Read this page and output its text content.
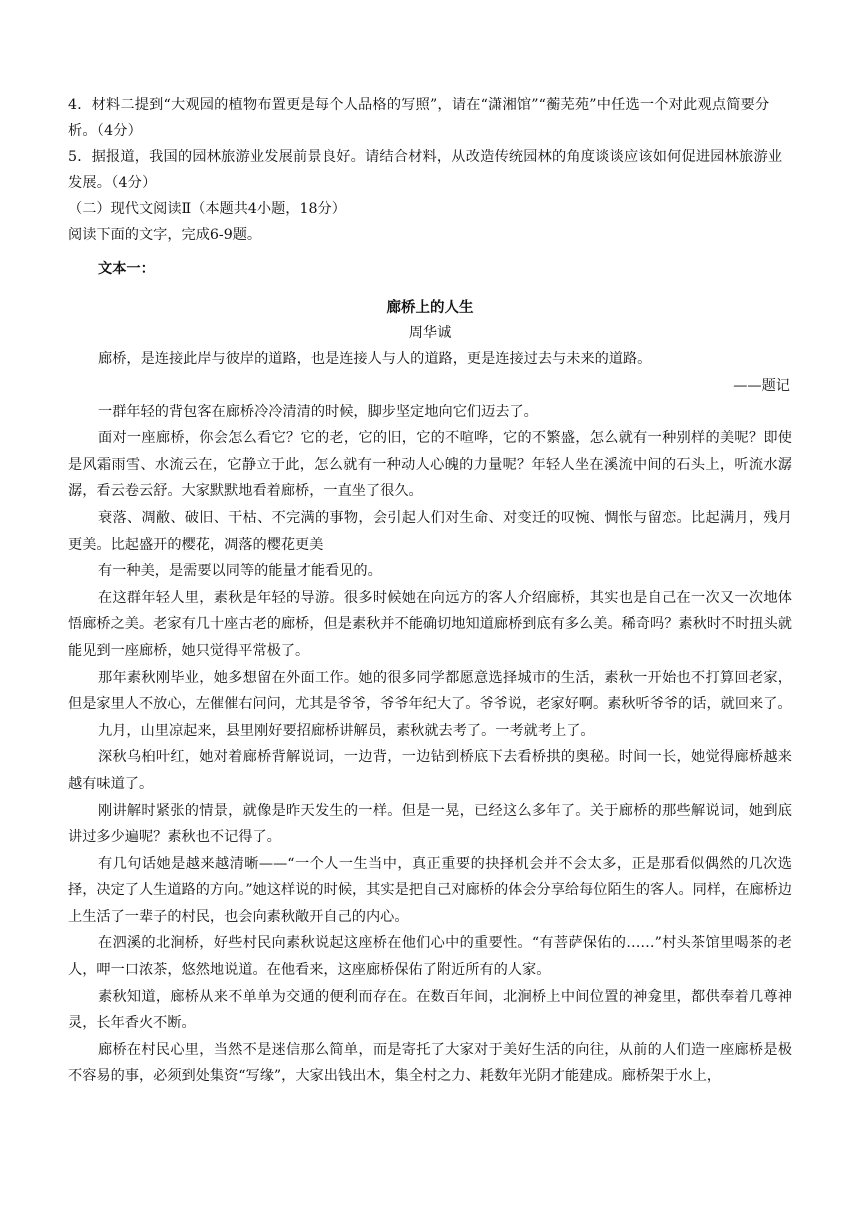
4．材料二提到“大观园的植物布置更是每个人品格的写照”，请在“潇湘馆”“蘅芜苑”中任选一个对此观点简要分析。（4分）

5．据报道，我国的园林旅游业发展前景良好。请结合材料，从改造传统园林的角度谈谈应该如何促进园林旅游业发展。（4分）

（二）现代文阅读Ⅱ（本题共4小题，18分）

阅读下面的文字，完成6-9题。

文本一：

廊桥上的人生

周华诚

廊桥，是连接此岸与彼岸的道路，也是连接人与人的道路，更是连接过去与未来的道路。

——题记

一群年轻的背包客在廊桥冷冷清清的时候，脚步坚定地向它们迈去了。

面对一座廊桥，你会怎么看它？它的老，它的旧，它的不喧哗，它的不繁盛，怎么就有一种别样的美呢？即使是风霜雨雪、水流云在，它静立于此，怎么就有一种动人心魄的力量呢？年轻人坐在溪流中间的石头上，听流水潺潺，看云卷云舒。大家默默地看着廊桥，一直坐了很久。

衰落、凋敝、破旧、干枯、不完满的事物，会引起人们对生命、对变迁的叹惋、惆怅与留恋。比起满月，残月更美。比起盛开的樱花，凋落的樱花更美

有一种美，是需要以同等的能量才能看见的。

在这群年轻人里，素秋是年轻的导游。很多时候她在向远方的客人介绍廊桥，其实也是自己在一次又一次地体悟廊桥之美。老家有几十座古老的廊桥，但是素秋并不能确切地知道廊桥到底有多么美。稀奇吗？素秋时不时扭头就能见到一座廊桥，她只觉得平常极了。

那年素秋刚毕业，她多想留在外面工作。她的很多同学都愿意选择城市的生活，素秋一开始也不打算回老家，但是家里人不放心，左催催右问问，尤其是爷爷，爷爷年纪大了。爷爷说，老家好啊。素秋听爷爷的话，就回来了。

九月，山里凉起来，县里刚好要招廊桥讲解员，素秋就去考了。一考就考上了。

深秋乌桕叶红，她对着廊桥背解说词，一边背，一边钻到桥底下去看桥拱的奥秘。时间一长，她觉得廊桥越来越有味道了。

刚讲解时紧张的情景，就像是昨天发生的一样。但是一晃，已经这么多年了。关于廊桥的那些解说词，她到底讲过多少遍呢？素秋也不记得了。

有几句话她是越来越清晰——“一个人一生当中，真正重要的抉择机会并不会太多，正是那看似偶然的几次选择，决定了人生道路的方向。”她这样说的时候，其实是把自己对廊桥的体会分享给每位陌生的客人。同样，在廊桥边上生活了一辈子的村民，也会向素秋敞开自己的内心。

在泗溪的北涧桥，好些村民向素秋说起这座桥在他们心中的重要性。“有菩萨保佑的……”村头茶馆里喝茶的老人，呷一口浓茶，悠然地说道。在他看来，这座廊桥保佑了附近所有的人家。

素秋知道，廊桥从来不单单为交通的便利而存在。在数百年间，北涧桥上中间位置的神龛里，都供奉着几尊神灵，长年香火不断。

廊桥在村民心里，当然不是迷信那么简单，而是寄托了大家对于美好生活的向往，从前的人们造一座廊桥是极不容易的事，必须到处集资“写缘”，大家出钱出木，集全村之力、耗数年光阴才能建成。廊桥架于水上，
